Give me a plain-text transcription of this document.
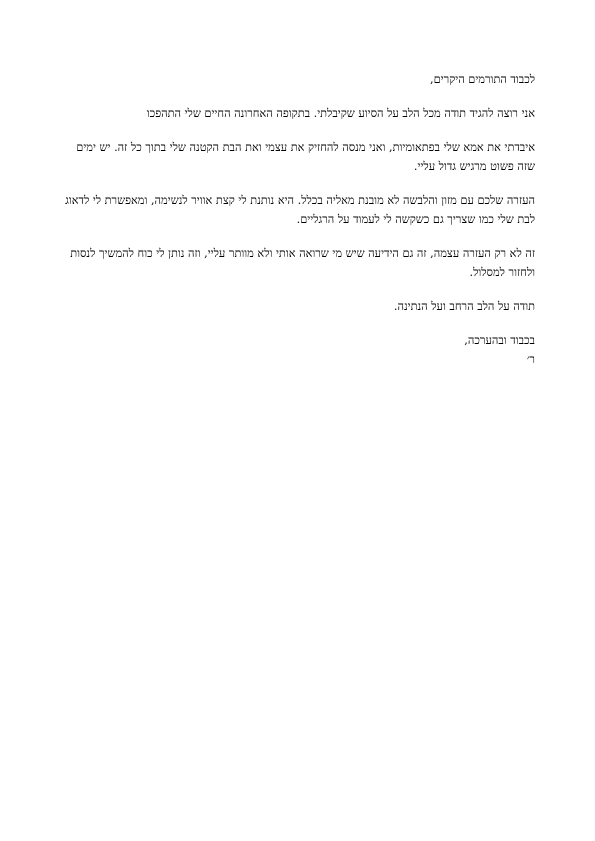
לכבוד התורמים היקרים,

אני רוצה להגיד תודה מכל הלב על הסיוע שקיבלתי. בתקופה האחרונה החיים שלי התהפכו

איבדתי את אמא שלי בפתאומיות, ואני מנסה להחזיק את עצמי ואת הבת הקטנה שלי בתוך כל זה. יש ימים שזה פשוט מרגיש גדול עליי.

העזרה שלכם עם מזון והלבשה לא מובנת מאליה בכלל. היא נותנת לי קצת אוויר לנשימה, ומאפשרת לי לדאוג לבת שלי כמו שצריך גם כשקשה לי לעמוד על הרגליים.

זה לא רק העזרה עצמה, זה גם הידיעה שיש מי שרואה אותי ולא מוותר עליי, וזה נותן לי כוח להמשיך לנסות ולחזור למסלול.

תודה על הלב הרחב ועל הנתינה.

בכבוד ובהערכה,

ר׳
